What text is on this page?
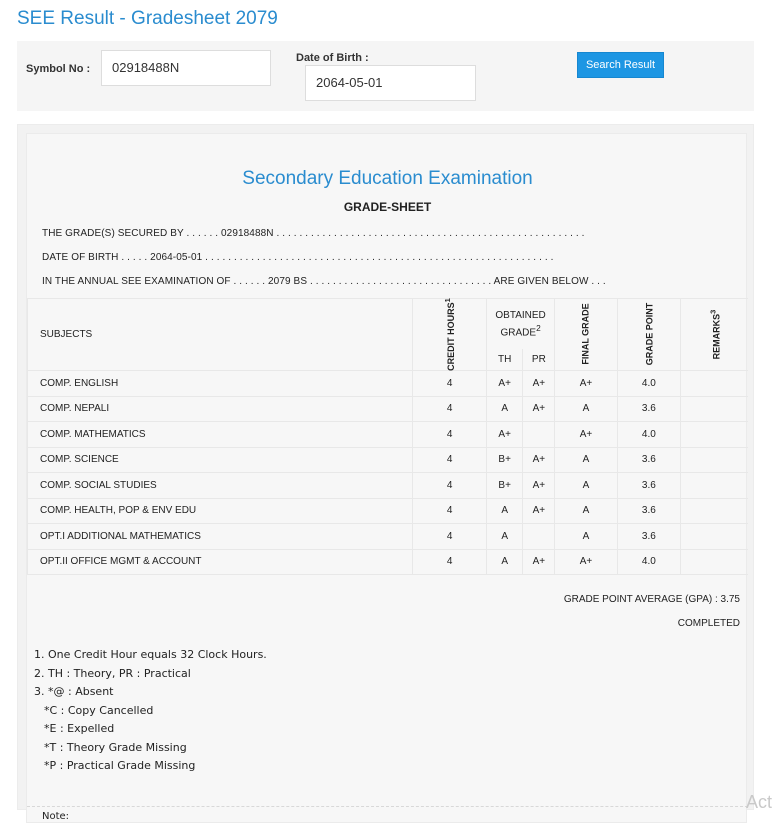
SEE Result - Gradesheet 2079
Symbol No :	02918488N
Date of Birth :
2064-05-01
Search Result
Secondary Education Examination
GRADE-SHEET
THE GRADE(S) SECURED BY . . . . . . 02918488N . . . . . . . . . . . . . . . . . . . . . . . . . . . . . . . . . . . . . . . . . . . . . . . . . . . . . .
DATE OF BIRTH . . . . . 2064-05-01 . . . . . . . . . . . . . . . . . . . . . . . . . . . . . . . . . . . . . . . . . . . . . . . . . . . . . . . . . . . . .
IN THE ANNUAL SEE EXAMINATION OF . . . . . . 2079 BS . . . . . . . . . . . . . . . . . . . . . . . . . . . . . . . . ARE GIVEN BELOW . . .
SUBJECTS	CREDIT HOURS$^1$	OBTAINED GRADE$^2$		FINAL GRADE	GRADE POINT	REMARKS$^3$
		TH	PR			
COMP. ENGLISH	4	A+	A+	A+	4.0	
COMP. NEPALI	4	A	A+	A	3.6	
COMP. MATHEMATICS	4	A+		A+	4.0	
COMP. SCIENCE	4	B+	A+	A	3.6	
COMP. SOCIAL STUDIES	4	B+	A+	A	3.6	
COMP. HEALTH, POP & ENV EDU	4	A	A+	A	3.6	
OPT.I ADDITIONAL MATHEMATICS	4	A		A	3.6	
OPT.II OFFICE MGMT & ACCOUNT	4	A	A+	A+	4.0	

GRADE POINT AVERAGE (GPA) : 3.75
COMPLETED
1. One Credit Hour equals 32 Clock Hours.
2. TH : Theory, PR : Practical
3. *@ : Absent
*C : Copy Cancelled
*E : Expelled
*T : Theory Grade Missing
*P : Practical Grade Missing
Note:
Act
